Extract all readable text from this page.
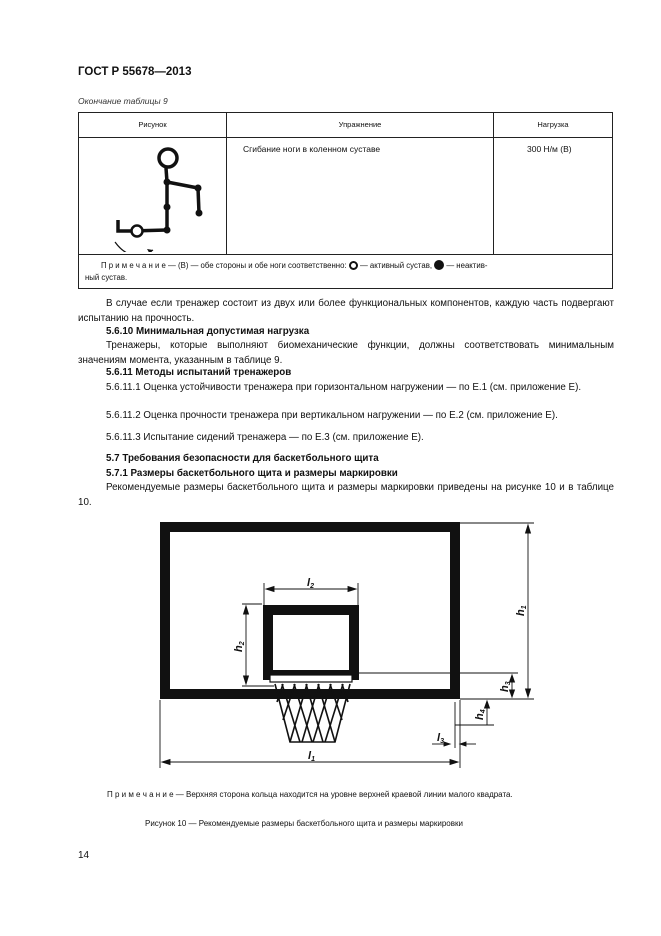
ГОСТ Р 55678—2013
Окончание таблицы 9
Рисунок	Упражнение	Нагрузка
	Сгибание ноги в коленном суставе	300 Н/м (В)
П р и м е ч а н и е — (В) — обе стороны и обе ноги соответственно:  — активный сустав,  — неактив-
ный сустав.		
В случае если тренажер состоит из двух или более функциональных компонентов, каждую часть подвергают испытанию на прочность.
5.6.10 Минимальная допустимая нагрузка
Тренажеры, которые выполняют биомеханические функции, должны соответствовать минимальным значениям момента, указанным в таблице 9.
5.6.11 Методы испытаний тренажеров
5.6.11.1 Оценка устойчивости тренажера при горизонтальном нагружении — по Е.1 (см. приложение Е).
5.6.11.2 Оценка прочности тренажера при вертикальном нагружении — по Е.2 (см. приложение Е).
5.6.11.3 Испытание сидений тренажера — по Е.3 (см. приложение Е).
5.7 Требования безопасности для баскетбольного щита
5.7.1 Размеры баскетбольного щита и размеры маркировки
Рекомендуемые размеры баскетбольного щита и размеры маркировки приведены на рисунке 10 и в таблице 10.
l2
l1
l3
h2
h1
h3
h4
П р и м е ч а н и е — Верхняя сторона кольца находится на уровне верхней краевой линии малого квадрата.
Рисунок 10 — Рекомендуемые размеры баскетбольного щита и размеры маркировки
14
